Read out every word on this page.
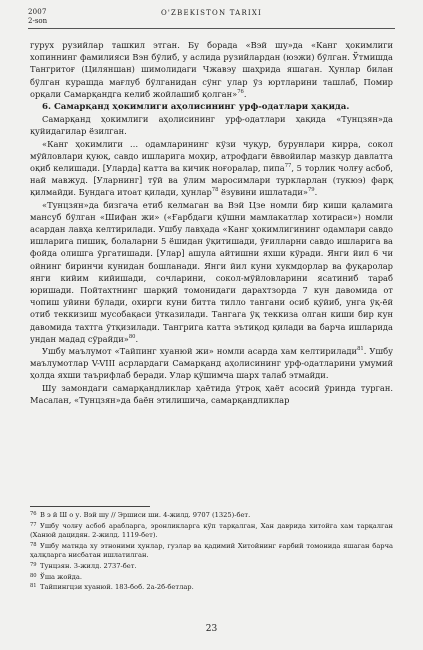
2007
2-son
O'ZBEKISTON TARIXI

гурух рузийлар ташкил этган. Бу борада «Вэй шу»да «Канг ҳокимлиги хопиннинг фамилияси Вэн бўлиб, у аслида рузийлардан (юэжи) бўлган. Ўтмишда Тангритоғ (Циляншан) шимолидаги Чжавэу шаҳрида яшаган. Ҳунлар билан бўлган курашда мағлуб бўлганидан сўнг улар ўз юртларини ташлаб, Помир орқали Самарқандга келиб жойлашиб қолган»$^{76}$.

6. Самарқанд ҳокимлиги аҳолисининг урф-одатлари ҳақида.

Самарқанд ҳокимлиги аҳолисининг урф-одатлари ҳақида «Тунцзян»да қуйидагилар ёзилган.

«Канг ҳокимлиги … одамларининг кўзи чуқур, бурунлари кирра, сокол мўйловлари қуюқ, савдо ишларига моҳир, атрофдаги ёввойилар мазкур давлатга оқиб келишади. [Уларда] катта ва кичик ноғоралар, пипа$^{77}$, 5 торлик чолғу асбоб, най мавжуд. [Уларнинг] тўй ва ўлим маросимлари туркларлан (тукюэ) фарқ қилмайди. Бундага итоат қилади, ҳунлар$^{78}$ ёзувини ишлатади»$^{79}$.

«Тунцзян»да бизгача етиб келмаган ва Вэй Цзе номли бир киши қаламига мансуб бўлган «Шифан жи» («Ғарбдаги қўшни мамлакатлар хотираси») номли асардан лавҳа келтирилади. Ушбу лавҳада «Канг ҳокимлигининг одамлари савдо ишларига пишиқ, болаларни 5 ёшидан ўқитишади, ўғилларни савдо ишларига ва фойда олишга ўргатишади. [Улар] ашула айтишни яхши кўради. Янги йил 6 чи ойнинг биринчи кунидан бошланади. Янги йил куни хукмдорлар ва фуқаролар янги кийим кийишади, сочларини, сокол-мўйловларини ясатиниб тараб юришади. Пойтахтнинг шарқий томонидаги дарахтзорда 7 кун давомида от чопиш уйини бўлади, охирги куни битта тиллo тангани осиб қўйиб, унга ўқ-ёй отиб теккизиш мусобақаси ўтказилади. Тангага ўқ теккиза олган киши бир кун давомида тахтга ўтқизилади. Тангрига катта эътиқод қилади ва барча ишларида ундан мадад сўрайди»$^{80}$.

Ушбу маълумот «Тайпинг хуанюй жи» номли асарда хам келтирилади$^{81}$. Ушбу маълумотлар V-VIII асрлардаги Самарқанд аҳолисининг урф-одатларини умумий ҳолда яхши таърифлаб беради. Улар қўшимча шарх талаб этмайди.

Шу замондаги самарқандликлар ҳаётида ўтроқ ҳаёт асосий ўринда турган. Масалан, «Тунцзян»да баён этилишича, самарқандликлар

76 В э й Ш о у. Вэй шу // Эршиси ши. 4-жилд. 9707 (1325)-бет.

77 Ушбу чолғу асбоб арабларга, эронликларга кўп тарқалган, Хан даврида хитойга хам тарқалган (Ханюй дацидян. 2-жилд. 1119-бет).

78 Ушбу матнда ху этноними ҳунлар, гузлар ва қадимий Хитойнинг ғарбий томонида яшаган барча ҳалқларга нисбатан ишлатилган.

79 Тунцзян. 3-жилд. 2737-бет.

80 Ўша жойда.

81 Тайпингцзи хуанюй. 183-боб. 2а-2б-бетлар.

23
